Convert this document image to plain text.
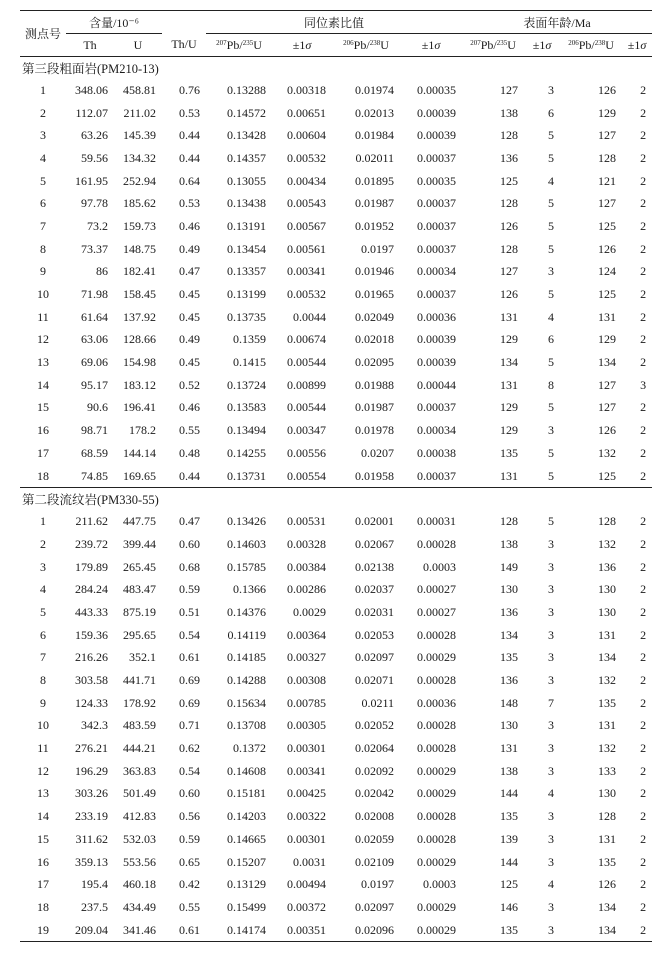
测点号	含量/10⁻⁶			同位素比值				表面年龄/Ma			
	Th	U	Th/U	$^{207}$Pb/$^{235}$U	±1σ	$^{206}$Pb/$^{238}$U	±1σ	$^{207}$Pb/$^{235}$U	±1σ	$^{206}$Pb/$^{238}$U	±1σ
第三段粗面岩(PM210-13)											
1	348.06	458.81	0.76	0.13288	0.00318	0.01974	0.00035	127	3	126	2
2	112.07	211.02	0.53	0.14572	0.00651	0.02013	0.00039	138	6	129	2
3	63.26	145.39	0.44	0.13428	0.00604	0.01984	0.00039	128	5	127	2
4	59.56	134.32	0.44	0.14357	0.00532	0.02011	0.00037	136	5	128	2
5	161.95	252.94	0.64	0.13055	0.00434	0.01895	0.00035	125	4	121	2
6	97.78	185.62	0.53	0.13438	0.00543	0.01987	0.00037	128	5	127	2
7	73.2	159.73	0.46	0.13191	0.00567	0.01952	0.00037	126	5	125	2
8	73.37	148.75	0.49	0.13454	0.00561	0.0197	0.00037	128	5	126	2
9	86	182.41	0.47	0.13357	0.00341	0.01946	0.00034	127	3	124	2
10	71.98	158.45	0.45	0.13199	0.00532	0.01965	0.00037	126	5	125	2
11	61.64	137.92	0.45	0.13735	0.0044	0.02049	0.00036	131	4	131	2
12	63.06	128.66	0.49	0.1359	0.00674	0.02018	0.00039	129	6	129	2
13	69.06	154.98	0.45	0.1415	0.00544	0.02095	0.00039	134	5	134	2
14	95.17	183.12	0.52	0.13724	0.00899	0.01988	0.00044	131	8	127	3
15	90.6	196.41	0.46	0.13583	0.00544	0.01987	0.00037	129	5	127	2
16	98.71	178.2	0.55	0.13494	0.00347	0.01978	0.00034	129	3	126	2
17	68.59	144.14	0.48	0.14255	0.00556	0.0207	0.00038	135	5	132	2
18	74.85	169.65	0.44	0.13731	0.00554	0.01958	0.00037	131	5	125	2
第二段流纹岩(PM330-55)											
1	211.62	447.75	0.47	0.13426	0.00531	0.02001	0.00031	128	5	128	2
2	239.72	399.44	0.60	0.14603	0.00328	0.02067	0.00028	138	3	132	2
3	179.89	265.45	0.68	0.15785	0.00384	0.02138	0.0003	149	3	136	2
4	284.24	483.47	0.59	0.1366	0.00286	0.02037	0.00027	130	3	130	2
5	443.33	875.19	0.51	0.14376	0.0029	0.02031	0.00027	136	3	130	2
6	159.36	295.65	0.54	0.14119	0.00364	0.02053	0.00028	134	3	131	2
7	216.26	352.1	0.61	0.14185	0.00327	0.02097	0.00029	135	3	134	2
8	303.58	441.71	0.69	0.14288	0.00308	0.02071	0.00028	136	3	132	2
9	124.33	178.92	0.69	0.15634	0.00785	0.0211	0.00036	148	7	135	2
10	342.3	483.59	0.71	0.13708	0.00305	0.02052	0.00028	130	3	131	2
11	276.21	444.21	0.62	0.1372	0.00301	0.02064	0.00028	131	3	132	2
12	196.29	363.83	0.54	0.14608	0.00341	0.02092	0.00029	138	3	133	2
13	303.26	501.49	0.60	0.15181	0.00425	0.02042	0.00029	144	4	130	2
14	233.19	412.83	0.56	0.14203	0.00322	0.02008	0.00028	135	3	128	2
15	311.62	532.03	0.59	0.14665	0.00301	0.02059	0.00028	139	3	131	2
16	359.13	553.56	0.65	0.15207	0.0031	0.02109	0.00029	144	3	135	2
17	195.4	460.18	0.42	0.13129	0.00494	0.0197	0.0003	125	4	126	2
18	237.5	434.49	0.55	0.15499	0.00372	0.02097	0.00029	146	3	134	2
19	209.04	341.46	0.61	0.14174	0.00351	0.02096	0.00029	135	3	134	2
